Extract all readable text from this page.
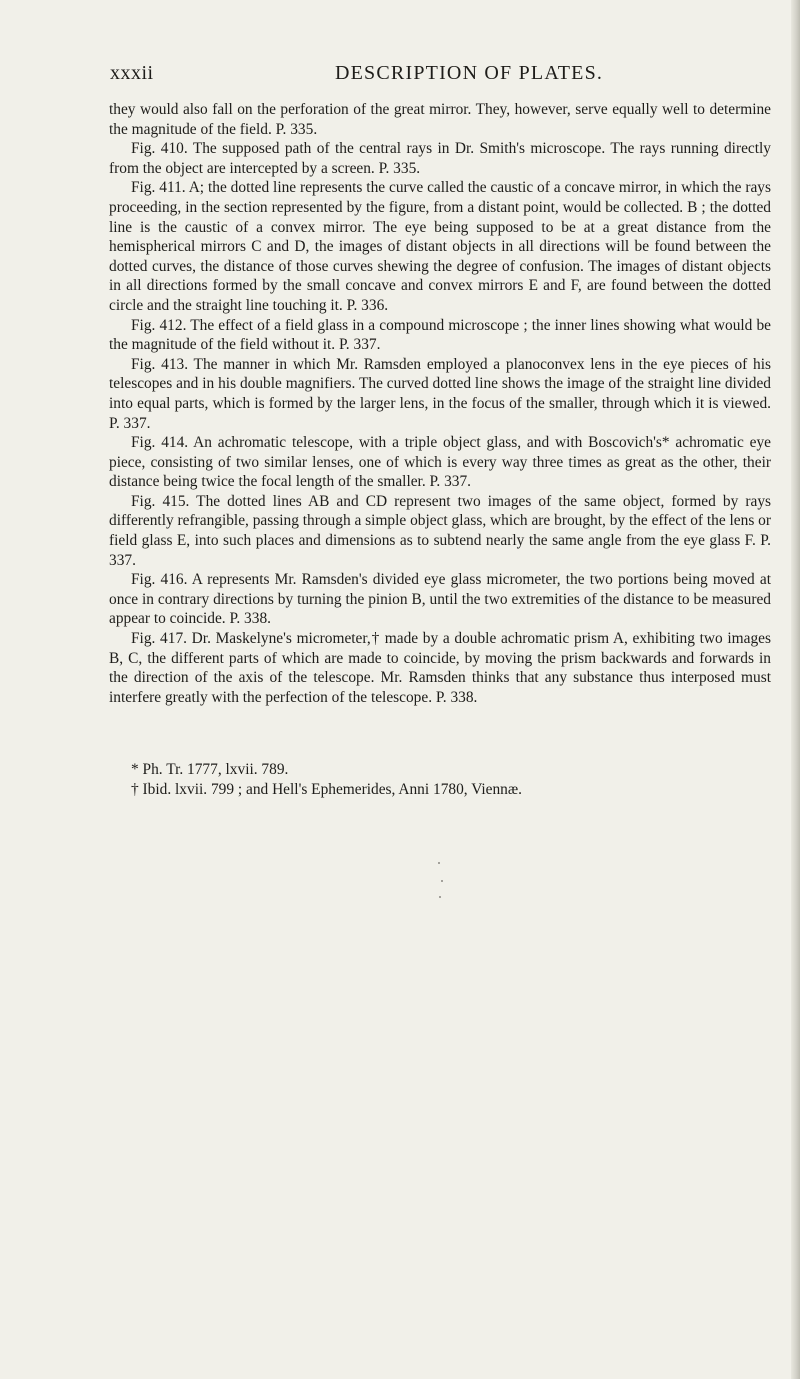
xxxii	DESCRIPTION OF PLATES.

they would also fall on the perforation of the great mirror. They, however, serve equally well to determine the magnitude of the field. P. 335.

Fig. 410. The supposed path of the central rays in Dr. Smith's microscope. The rays running directly from the object are intercepted by a screen. P. 335.

Fig. 411. A; the dotted line represents the curve called the caustic of a concave mirror, in which the rays proceeding, in the section represented by the figure, from a distant point, would be collected. B ; the dotted line is the caustic of a convex mirror. The eye being supposed to be at a great distance from the hemispherical mirrors C and D, the images of distant objects in all directions will be found between the dotted curves, the distance of those curves shewing the degree of confusion. The images of distant objects in all directions formed by the small concave and convex mirrors E and F, are found between the dotted circle and the straight line touching it. P. 336.

Fig. 412. The effect of a field glass in a compound microscope ; the inner lines showing what would be the magnitude of the field without it. P. 337.

Fig. 413. The manner in which Mr. Ramsden employed a planoconvex lens in the eye pieces of his telescopes and in his double magnifiers. The curved dotted line shows the image of the straight line divided into equal parts, which is formed by the larger lens, in the focus of the smaller, through which it is viewed. P. 337.

Fig. 414. An achromatic telescope, with a triple object glass, and with Boscovich's* achromatic eye piece, consisting of two similar lenses, one of which is every way three times as great as the other, their distance being twice the focal length of the smaller. P. 337.

Fig. 415. The dotted lines AB and CD represent two images of the same object, formed by rays differently refrangible, passing through a simple object glass, which are brought, by the effect of the lens or field glass E, into such places and dimensions as to subtend nearly the same angle from the eye glass F. P. 337.

Fig. 416. A represents Mr. Ramsden's divided eye glass micrometer, the two portions being moved at once in contrary directions by turning the pinion B, until the two extremities of the distance to be measured appear to coincide. P. 338.

Fig. 417. Dr. Maskelyne's micrometer,† made by a double achromatic prism A, exhibiting two images B, C, the different parts of which are made to coincide, by moving the prism backwards and forwards in the direction of the axis of the telescope. Mr. Ramsden thinks that any substance thus interposed must interfere greatly with the perfection of the telescope. P. 338.

* Ph. Tr. 1777, lxvii. 789.

† Ibid. lxvii. 799 ; and Hell's Ephemerides, Anni 1780, Viennæ.
